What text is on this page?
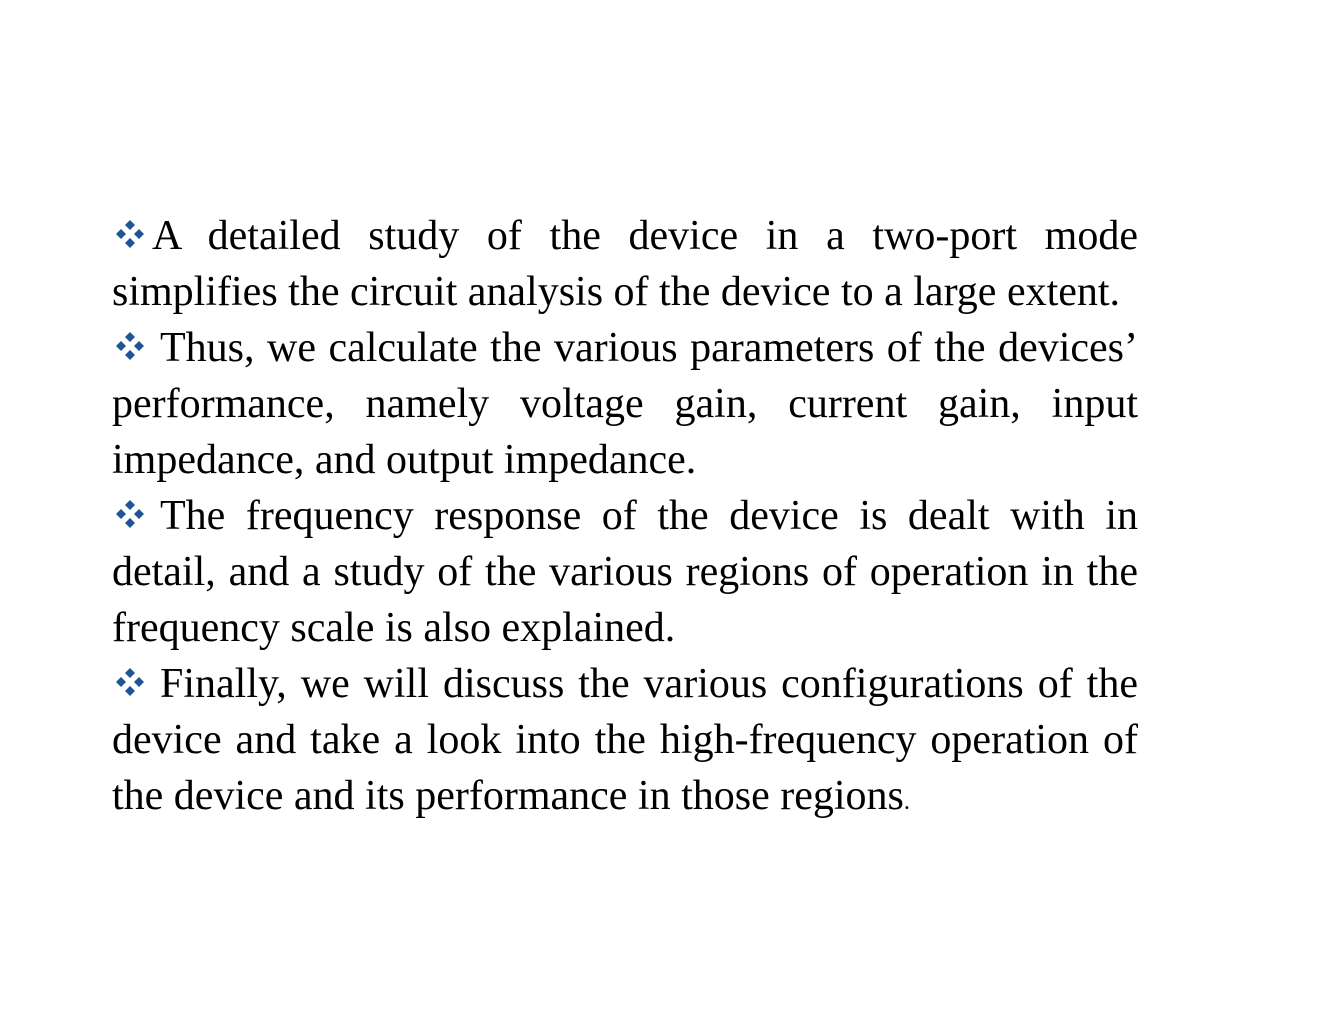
A detailed study of the device in a two-port mode simplifies the circuit analysis of the device to a large extent.

Thus, we calculate the various parameters of the devices’ performance, namely voltage gain, current gain, input impedance, and output impedance.

The frequency response of the device is dealt with in detail, and a study of the various regions of operation in the frequency scale is also explained.

Finally, we will discuss the various configurations of the device and take a look into the high-frequency operation of the device and its performance in those regions.
